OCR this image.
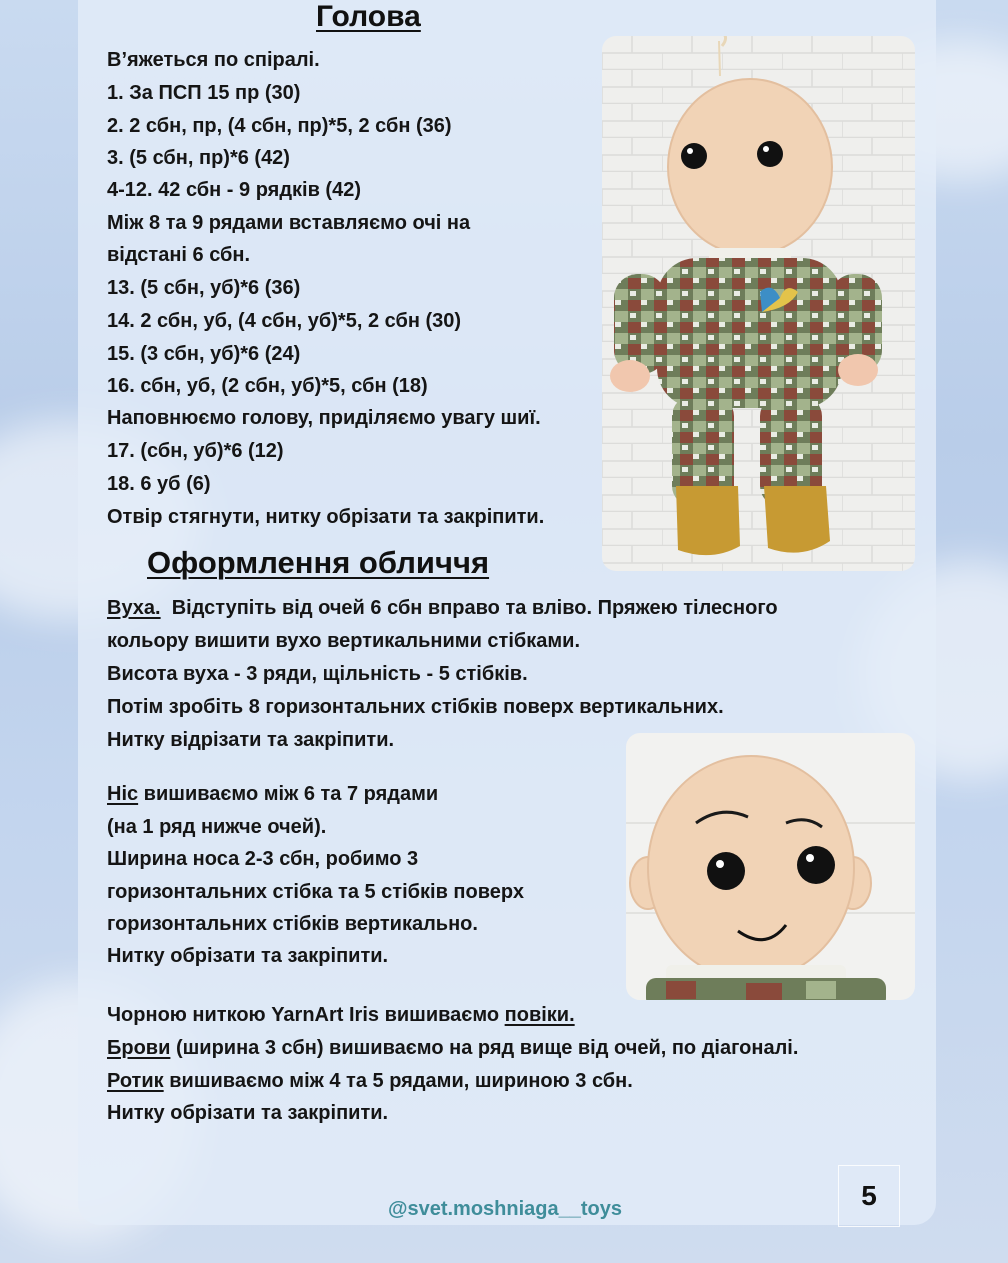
Голова
В’яжеться по спіралі.
1. За ПСП 15 пр (30)
2. 2 сбн, пр, (4 сбн, пр)*5, 2 сбн (36)
3. (5 сбн, пр)*6 (42)
4-12. 42 сбн - 9 рядків (42)
Між 8 та 9 рядами вставляємо очі на
відстані 6 сбн.
13. (5 сбн, уб)*6 (36)
14. 2 сбн, уб, (4 сбн, уб)*5, 2 сбн (30)
15. (3 сбн, уб)*6 (24)
16. сбн, уб, (2 сбн, уб)*5, сбн (18)
Наповнюємо голову, приділяємо увагу шиї.
17. (сбн, уб)*6 (12)
18. 6 уб (6)
Отвір стягнути, нитку обрізати та закріпити.
Оформлення обличчя
Вуха.  Відступіть від очей 6 сбн вправо та вліво. Пряжею тілесного
кольору вишити вухо вертикальними стібками.
Висота вуха - 3 ряди, щільність - 5 стібків.
Потім зробіть 8 горизонтальних стібків поверх вертикальних.
Нитку відрізати та закріпити.
Ніс вишиваємо між 6 та 7 рядами
(на 1 ряд нижче очей).
Ширина носа 2-3 сбн, робимо 3
горизонтальних стібка та 5 стібків поверх
горизонтальних стібків вертикально.
Нитку обрізати та закріпити.
Чорною ниткою YarnArt Iris вишиваємо повіки.
Брови (ширина 3 сбн) вишиваємо на ряд вище від очей, по діагоналі.
Ротик вишиваємо між 4 та 5 рядами, шириною 3 сбн.
Нитку обрізати та закріпити.
@svet.moshniaga__toys	5
